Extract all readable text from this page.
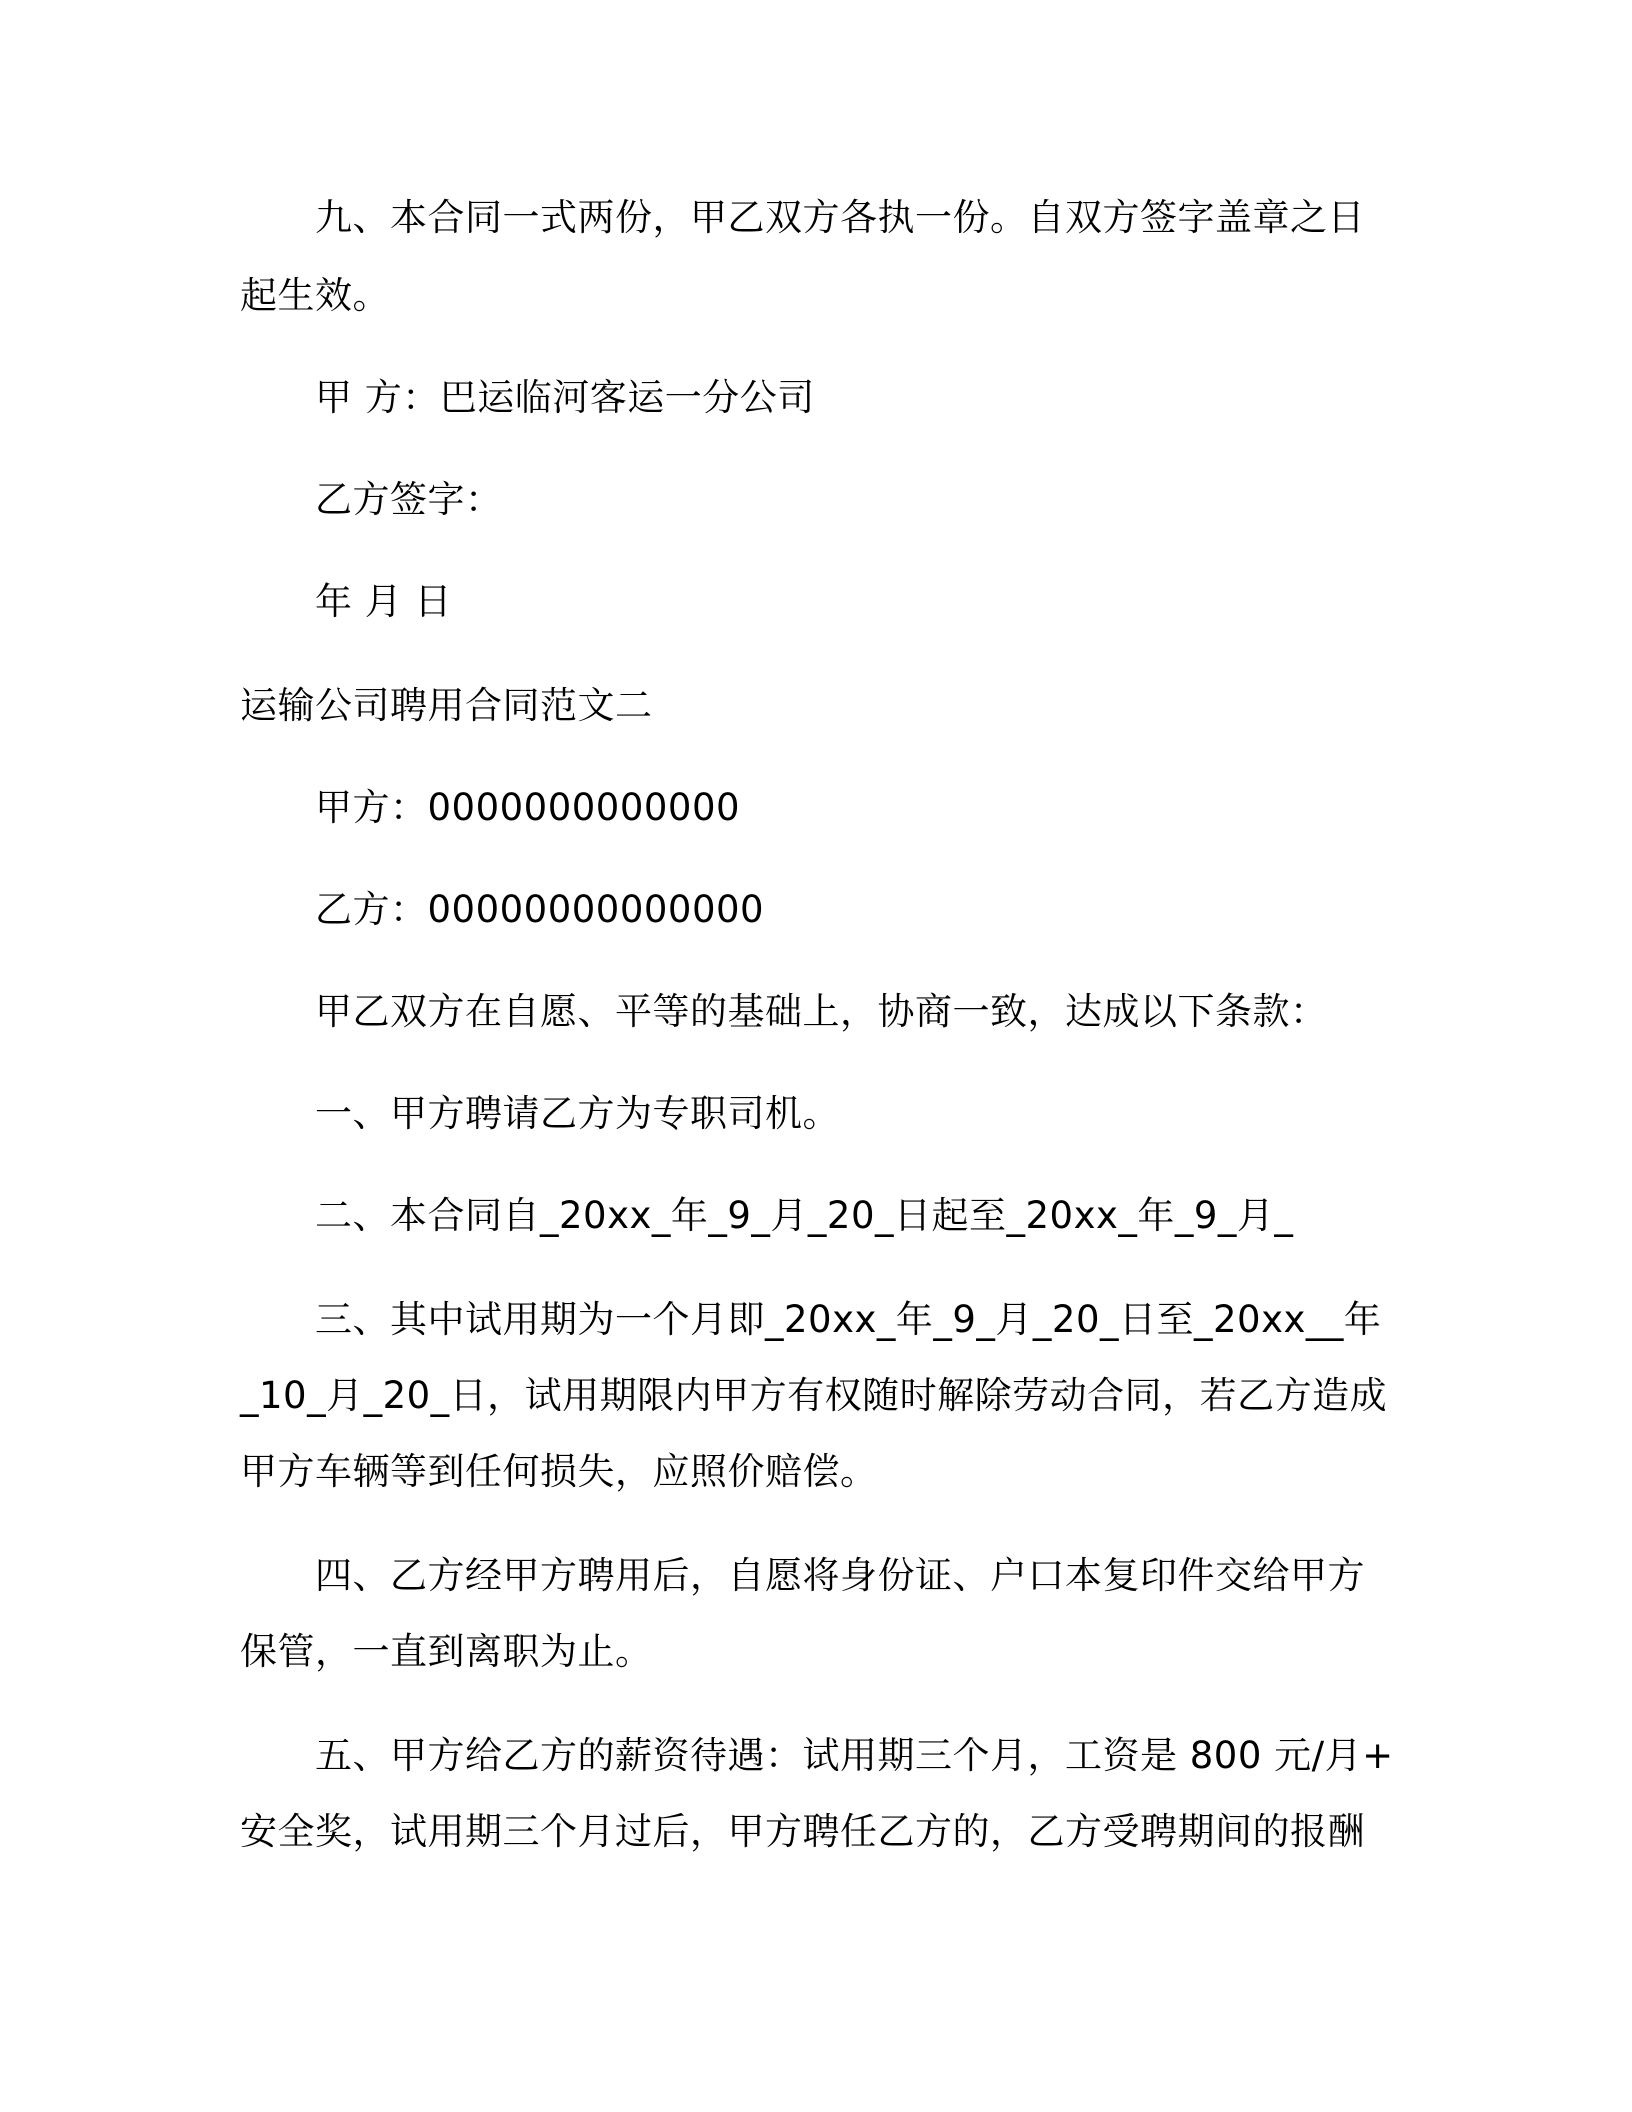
九、本合同一式两份，甲乙双方各执一份。自双方签字盖章之日
起生效。
甲 方：巴运临河客运一分公司
乙方签字：
年 月 日
运输公司聘用合同范文二
甲方：0000000000000
乙方：00000000000000
甲乙双方在自愿、平等的基础上，协商一致，达成以下条款：
一、甲方聘请乙方为专职司机。
二、本合同自_20xx_年_9_月_20_日起至_20xx_年_9_月_
三、其中试用期为一个月即_20xx_年_9_月_20_日至_20xx__年
_10_月_20_日，试用期限内甲方有权随时解除劳动合同，若乙方造成
甲方车辆等到任何损失，应照价赔偿。
四、乙方经甲方聘用后，自愿将身份证、户口本复印件交给甲方
保管，一直到离职为止。
五、甲方给乙方的薪资待遇：试用期三个月，工资是 800 元/月+
安全奖，试用期三个月过后，甲方聘任乙方的，乙方受聘期间的报酬
